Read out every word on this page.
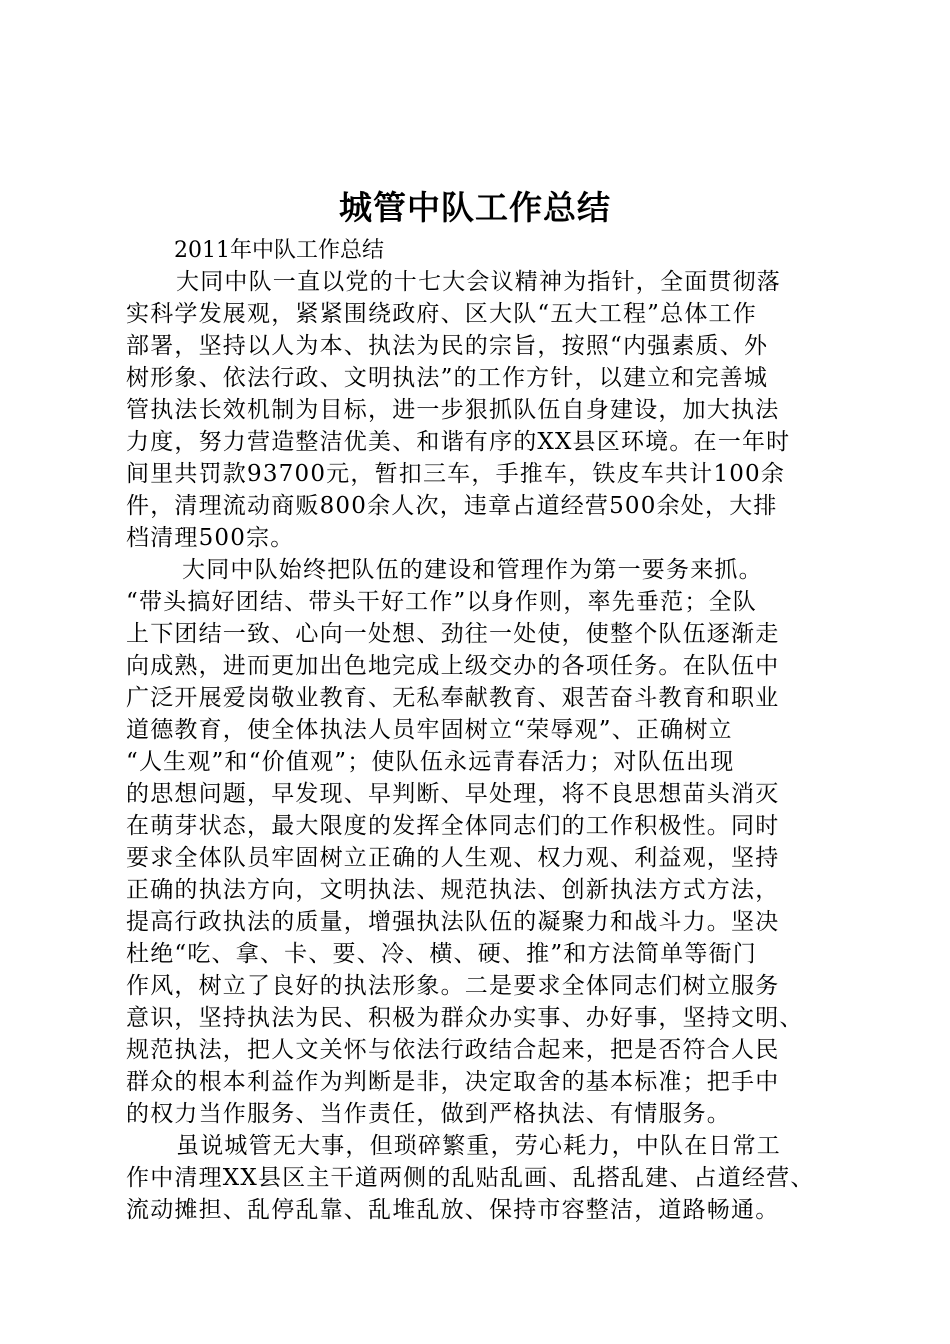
城管中队工作总结
2011年中队工作总结
大同中队一直以党的十七大会议精神为指针，全面贯彻落
实科学发展观，紧紧围绕政府、区大队“五大工程”总体工作
部署，坚持以人为本、执法为民的宗旨，按照“内强素质、外
树形象、依法行政、文明执法”的工作方针，以建立和完善城
管执法长效机制为目标，进一步狠抓队伍自身建设，加大执法
力度，努力营造整洁优美、和谐有序的XX县区环境。在一年时
间里共罚款93700元，暂扣三车，手推车，铁皮车共计100余
件，清理流动商贩800余人次，违章占道经营500余处，大排
档清理500宗。
大同中队始终把队伍的建设和管理作为第一要务来抓。
“带头搞好团结、带头干好工作”以身作则，率先垂范；全队
上下团结一致、心向一处想、劲往一处使，使整个队伍逐渐走
向成熟，进而更加出色地完成上级交办的各项任务。在队伍中
广泛开展爱岗敬业教育、无私奉献教育、艰苦奋斗教育和职业
道德教育，使全体执法人员牢固树立“荣辱观”、正确树立
“人生观”和“价值观”；使队伍永远青春活力；对队伍出现
的思想问题，早发现、早判断、早处理，将不良思想苗头消灭
在萌芽状态，最大限度的发挥全体同志们的工作积极性。同时
要求全体队员牢固树立正确的人生观、权力观、利益观，坚持
正确的执法方向，文明执法、规范执法、创新执法方式方法，
提高行政执法的质量，增强执法队伍的凝聚力和战斗力。坚决
杜绝“吃、拿、卡、要、冷、横、硬、推”和方法简单等衙门
作风，树立了良好的执法形象。二是要求全体同志们树立服务
意识，坚持执法为民、积极为群众办实事、办好事，坚持文明、
规范执法，把人文关怀与依法行政结合起来，把是否符合人民
群众的根本利益作为判断是非，决定取舍的基本标准；把手中
的权力当作服务、当作责任，做到严格执法、有情服务。
虽说城管无大事，但琐碎繁重，劳心耗力，中队在日常工
作中清理XX县区主干道两侧的乱贴乱画、乱搭乱建、占道经营、
流动摊担、乱停乱靠、乱堆乱放、保持市容整洁，道路畅通。
